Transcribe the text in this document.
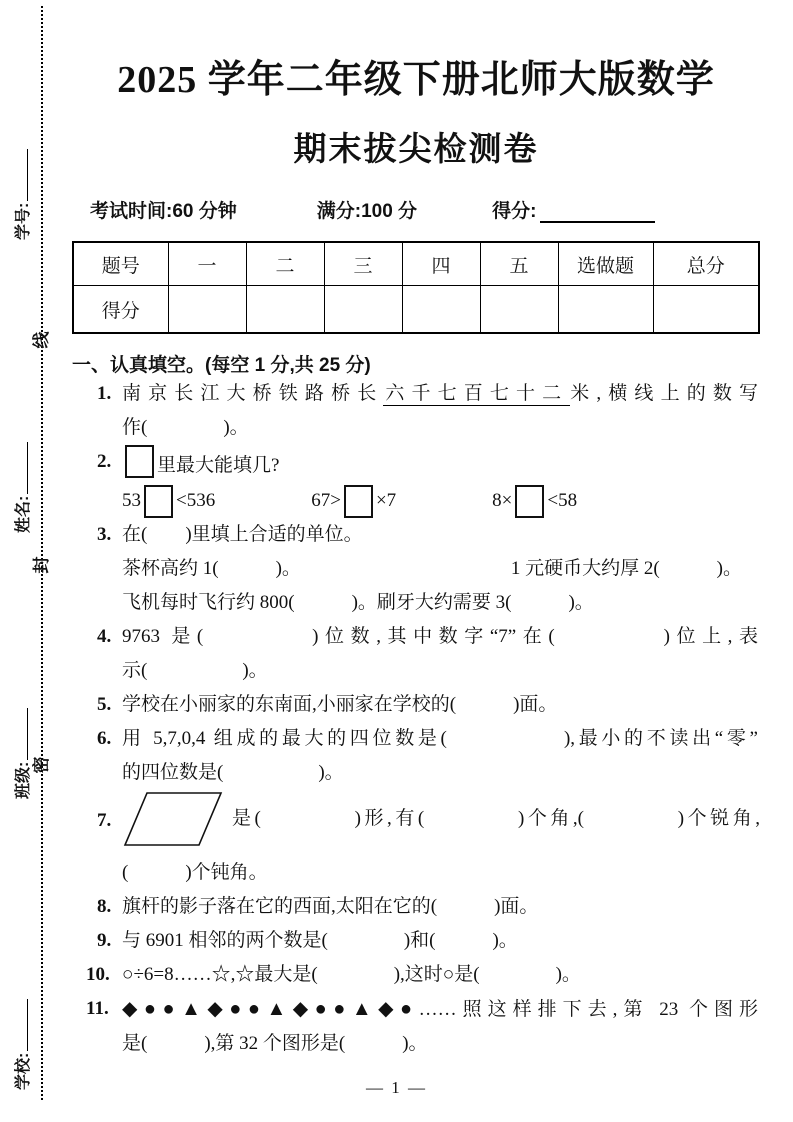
学号:
姓名:
班级:
学校:
线
封
密
2025 学年二年级下册北师大版数学
期末拔尖检测卷
考试时间:60 分钟	满分:100 分	得分:
题号	一	二	三	四	五	选做题	总分
得分							
一、认真填空。(每空 1 分,共 25 分)
1. 南京长江大桥铁路桥长 六千七百七十二 米,横线上的数写
作(　　　　)。
2.	里最大能填几?
53 <536	67> ×7	8× <58
3. 在(　　)里填上合适的单位。
茶杯高约 1(　　　)。	1 元硬币大约厚 2(　　　)。
飞机每时飞行约 800(　　　)。刷牙大约需要 3(　　　)。
4. 9763 是(　　　　)位数,其中数字“7”在(　　　　)位上,表
示(　　　　　)。
5. 学校在小丽家的东南面,小丽家在学校的(　　　)面。
6. 用 5,7,0,4 组成的最大的四位数是(　　　　　),最小的不读出“零”
的四位数是(　　　　　)。
7.	是(　　　　)形,有(　　　　)个角,(　　　　)个锐角,
(　　　)个钝角。
8. 旗杆的影子落在它的西面,太阳在它的(　　　)面。
9. 与 6901 相邻的两个数是(　　　　)和(　　　)。
10. ○÷6=8……☆,☆最大是(　　　　),这时○是(　　　　)。
11. ◆●●▲◆●●▲◆●●▲◆●……照这样排下去,第 23 个图形
是(　　　),第 32 个图形是(　　　)。
— 1 —
